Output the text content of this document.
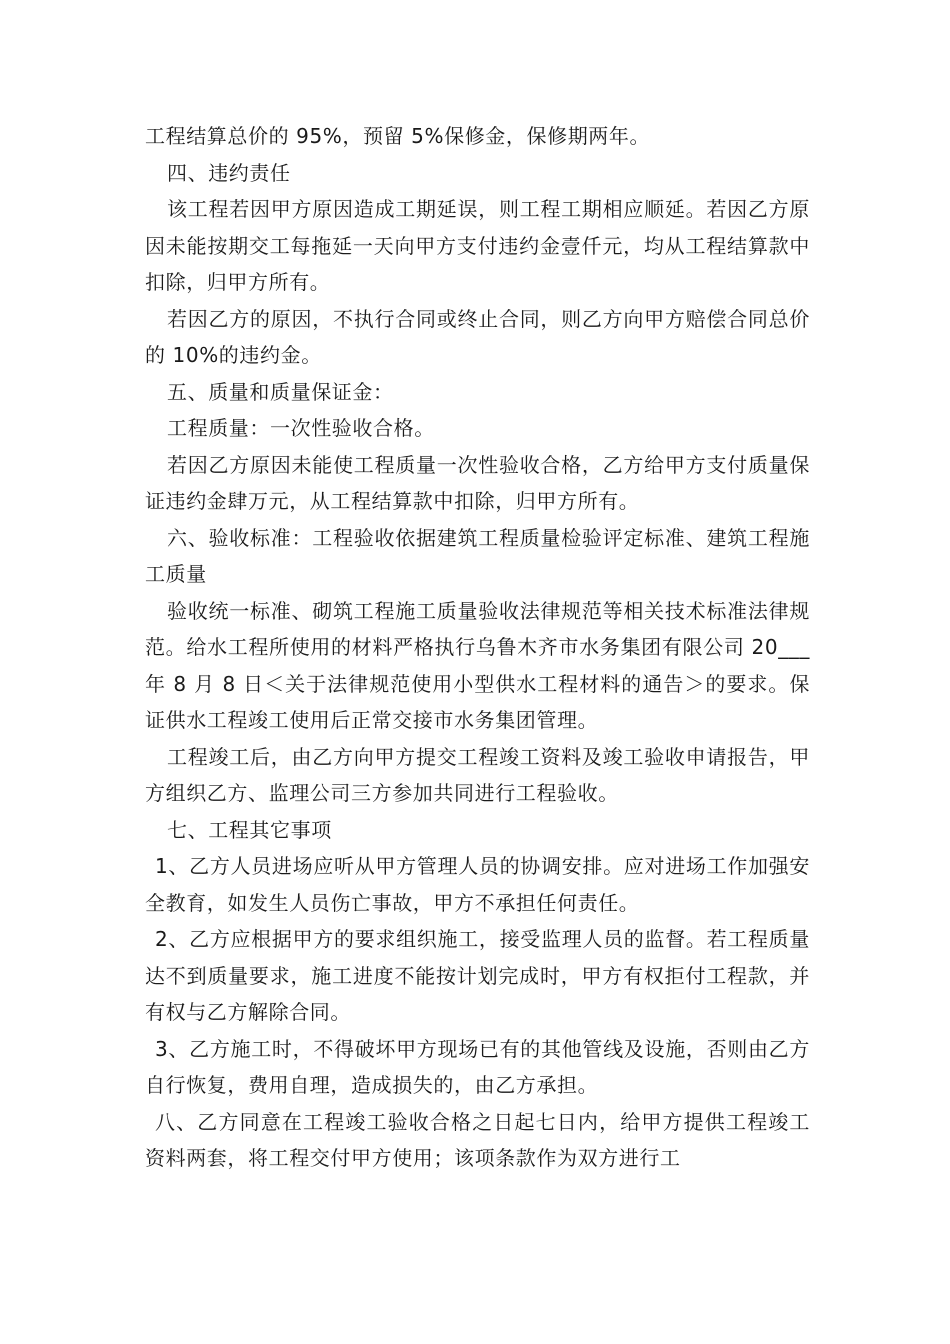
工程结算总价的 95%，预留 5%保修金，保修期两年。

四、违约责任

该工程若因甲方原因造成工期延误，则工程工期相应顺延。若因乙方原因未能按期交工每拖延一天向甲方支付违约金壹仟元，均从工程结算款中扣除，归甲方所有。

若因乙方的原因，不执行合同或终止合同，则乙方向甲方赔偿合同总价的 10%的违约金。

五、质量和质量保证金：

工程质量：一次性验收合格。

若因乙方原因未能使工程质量一次性验收合格，乙方给甲方支付质量保证违约金肆万元，从工程结算款中扣除，归甲方所有。

六、验收标准：工程验收依据建筑工程质量检验评定标准、建筑工程施工质量

验收统一标准、砌筑工程施工质量验收法律规范等相关技术标准法律规范。给水工程所使用的材料严格执行乌鲁木齐市水务集团有限公司 20___年 8 月 8 日＜关于法律规范使用小型供水工程材料的通告＞的要求。保证供水工程竣工使用后正常交接市水务集团管理。

工程竣工后，由乙方向甲方提交工程竣工资料及竣工验收申请报告，甲方组织乙方、监理公司三方参加共同进行工程验收。

七、工程其它事项

1、乙方人员进场应听从甲方管理人员的协调安排。应对进场工作加强安全教育，如发生人员伤亡事故，甲方不承担任何责任。

2、乙方应根据甲方的要求组织施工，接受监理人员的监督。若工程质量达不到质量要求，施工进度不能按计划完成时，甲方有权拒付工程款，并有权与乙方解除合同。

3、乙方施工时，不得破坏甲方现场已有的其他管线及设施，否则由乙方自行恢复，费用自理，造成损失的，由乙方承担。

八、乙方同意在工程竣工验收合格之日起七日内，给甲方提供工程竣工资料两套，将工程交付甲方使用；该项条款作为双方进行工
